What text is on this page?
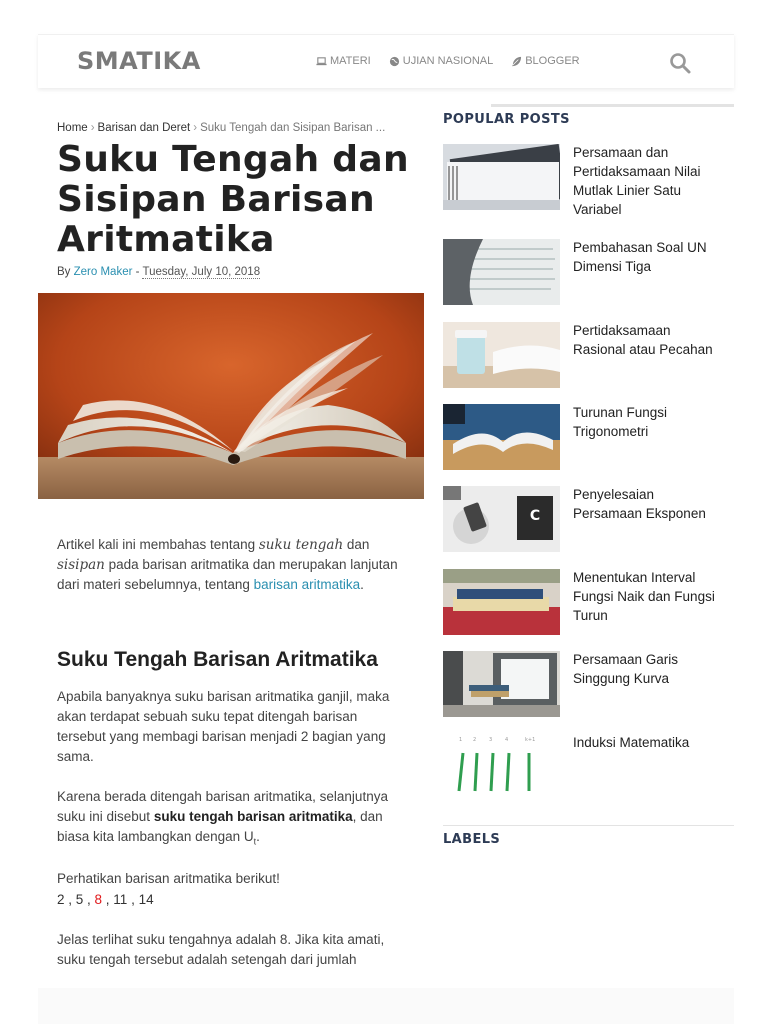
SMATIKA	MATERI	UJIAN NASIONAL	BLOGGER
Home › Barisan dan Deret › Suku Tengah dan Sisipan Barisan ...
Suku Tengah dan Sisipan Barisan Aritmatika
By Zero Maker - Tuesday, July 10, 2018

Artikel kali ini membahas tentang suku tengah dan sisipan pada barisan aritmatika dan merupakan lanjutan dari materi sebelumnya, tentang barisan aritmatika.

Suku Tengah Barisan Aritmatika

Apabila banyaknya suku barisan aritmatika ganjil, maka akan terdapat sebuah suku tepat ditengah barisan tersebut yang membagi barisan menjadi 2 bagian yang sama.

Karena berada ditengah barisan aritmatika, selanjutnya suku ini disebut suku tengah barisan aritmatika, dan biasa kita lambangkan dengan $U_t$.

Perhatikan barisan aritmatika berikut!

2 , 5 , 8 , 11 , 14

Jelas terlihat suku tengahnya adalah 8. Jika kita amati, suku tengah tersebut adalah setengah dari jumlah

POPULAR POSTS
Persamaan dan Pertidaksamaan Nilai Mutlak Linier Satu Variabel
Pembahasan Soal UN Dimensi Tiga
Pertidaksamaan Rasional atau Pecahan
Turunan Fungsi Trigonometri
C
Penyelesaian Persamaan Eksponen
Menentukan Interval Fungsi Naik dan Fungsi Turun
Persamaan Garis Singgung Kurva
1 2	3	4	k+1	Induksi Matematika
LABELS
